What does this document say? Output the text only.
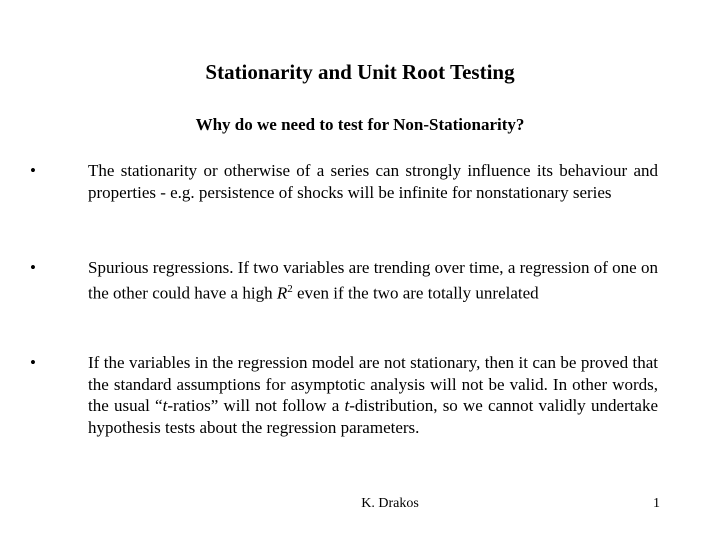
Stationarity and Unit Root Testing
Why do we need to test for Non-Stationarity?
•	The stationarity or otherwise of a series can strongly influence its behaviour and properties - e.g. persistence of shocks will be infinite for nonstationary series
•	Spurious regressions. If two variables are trending over time, a regression of one on the other could have a high $R^2$ even if the two are totally unrelated
•	If the variables in the regression model are not stationary, then it can be proved that the standard assumptions for asymptotic analysis will not be valid. In other words, the usual “t-ratios” will not follow a t-distribution, so we cannot validly undertake hypothesis tests about the regression parameters.
K. Drakos	1
